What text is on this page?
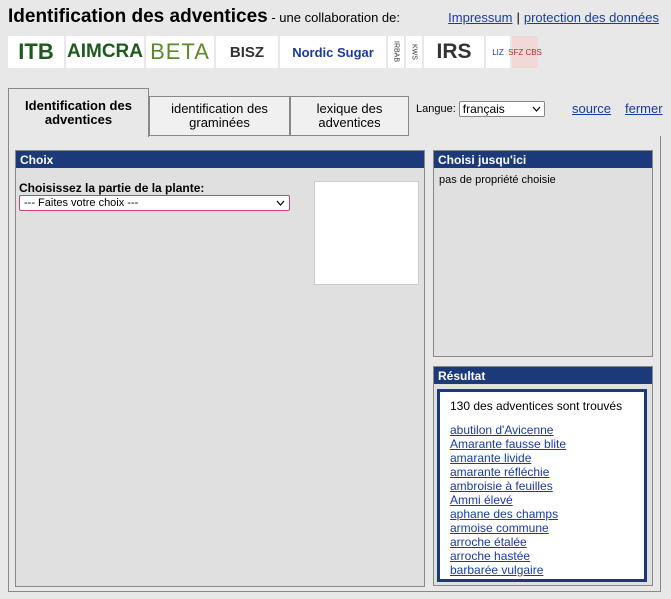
Identification des adventices - une collaboration de:	Impressum | protection des données
ITB AIMCRA BETA BISZ Nordic Sugar	IRBAB KWS IRS	LIZ SFZ CBS
Identification des adventices
identification des graminées
lexique des adventices
Langue: français	source fermer
Choix
Choisissez la partie de la plante:
--- Faites votre choix ---
Choisi jusqu'ici
pas de propriété choisie
Résultat
130 des adventices sont trouvés
abutilon d'Avicenne
Amarante fausse blite
amarante livide
amarante réfléchie
ambroisie à feuilles
Ammi élevé
aphane des champs
armoise commune
arroche étalée
arroche hastée
barbarée vulgaire
